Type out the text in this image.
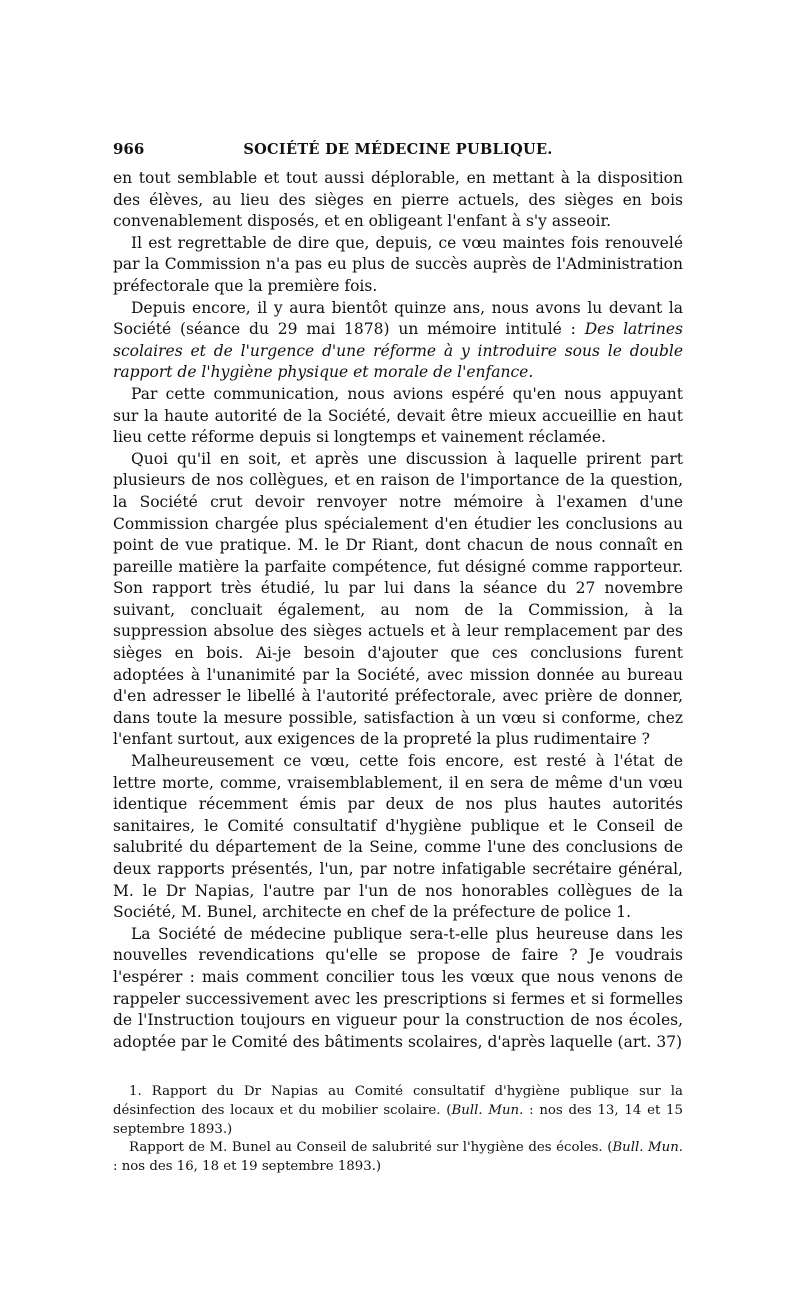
966	SOCIÉTÉ DE MÉDECINE PUBLIQUE.

en tout semblable et tout aussi déplorable, en mettant à la disposition des élèves, au lieu des sièges en pierre actuels, des sièges en bois convenablement disposés, et en obligeant l'enfant à s'y asseoir.

Il est regrettable de dire que, depuis, ce vœu maintes fois renouvelé par la Commission n'a pas eu plus de succès auprès de l'Administration préfectorale que la première fois.

Depuis encore, il y aura bientôt quinze ans, nous avons lu devant la Société (séance du 29 mai 1878) un mémoire intitulé : Des latrines scolaires et de l'urgence d'une réforme à y introduire sous le double rapport de l'hygiène physique et morale de l'enfance.

Par cette communication, nous avions espéré qu'en nous appuyant sur la haute autorité de la Société, devait être mieux accueillie en haut lieu cette réforme depuis si longtemps et vainement réclamée.

Quoi qu'il en soit, et après une discussion à laquelle prirent part plusieurs de nos collègues, et en raison de l'importance de la question, la Société crut devoir renvoyer notre mémoire à l'examen d'une Commission chargée plus spécialement d'en étudier les conclusions au point de vue pratique. M. le Dr Riant, dont chacun de nous connaît en pareille matière la parfaite compétence, fut désigné comme rapporteur. Son rapport très étudié, lu par lui dans la séance du 27 novembre suivant, concluait également, au nom de la Commission, à la suppression absolue des sièges actuels et à leur remplacement par des sièges en bois. Ai-je besoin d'ajouter que ces conclusions furent adoptées à l'unanimité par la Société, avec mission donnée au bureau d'en adresser le libellé à l'autorité préfectorale, avec prière de donner, dans toute la mesure possible, satisfaction à un vœu si conforme, chez l'enfant surtout, aux exigences de la propreté la plus rudimentaire ?

Malheureusement ce vœu, cette fois encore, est resté à l'état de lettre morte, comme, vraisemblablement, il en sera de même d'un vœu identique récemment émis par deux de nos plus hautes autorités sanitaires, le Comité consultatif d'hygiène publique et le Conseil de salubrité du département de la Seine, comme l'une des conclusions de deux rapports présentés, l'un, par notre infatigable secrétaire général, M. le Dr Napias, l'autre par l'un de nos honorables collègues de la Société, M. Bunel, architecte en chef de la préfecture de police 1.

La Société de médecine publique sera-t-elle plus heureuse dans les nouvelles revendications qu'elle se propose de faire ? Je voudrais l'espérer : mais comment concilier tous les vœux que nous venons de rappeler successivement avec les prescriptions si fermes et si formelles de l'Instruction toujours en vigueur pour la construction de nos écoles, adoptée par le Comité des bâtiments scolaires, d'après laquelle (art. 37)

1. Rapport du Dr Napias au Comité consultatif d'hygiène publique sur la désinfection des locaux et du mobilier scolaire. (Bull. Mun. : nos des 13, 14 et 15 septembre 1893.)

Rapport de M. Bunel au Conseil de salubrité sur l'hygiène des écoles. (Bull. Mun. : nos des 16, 18 et 19 septembre 1893.)
